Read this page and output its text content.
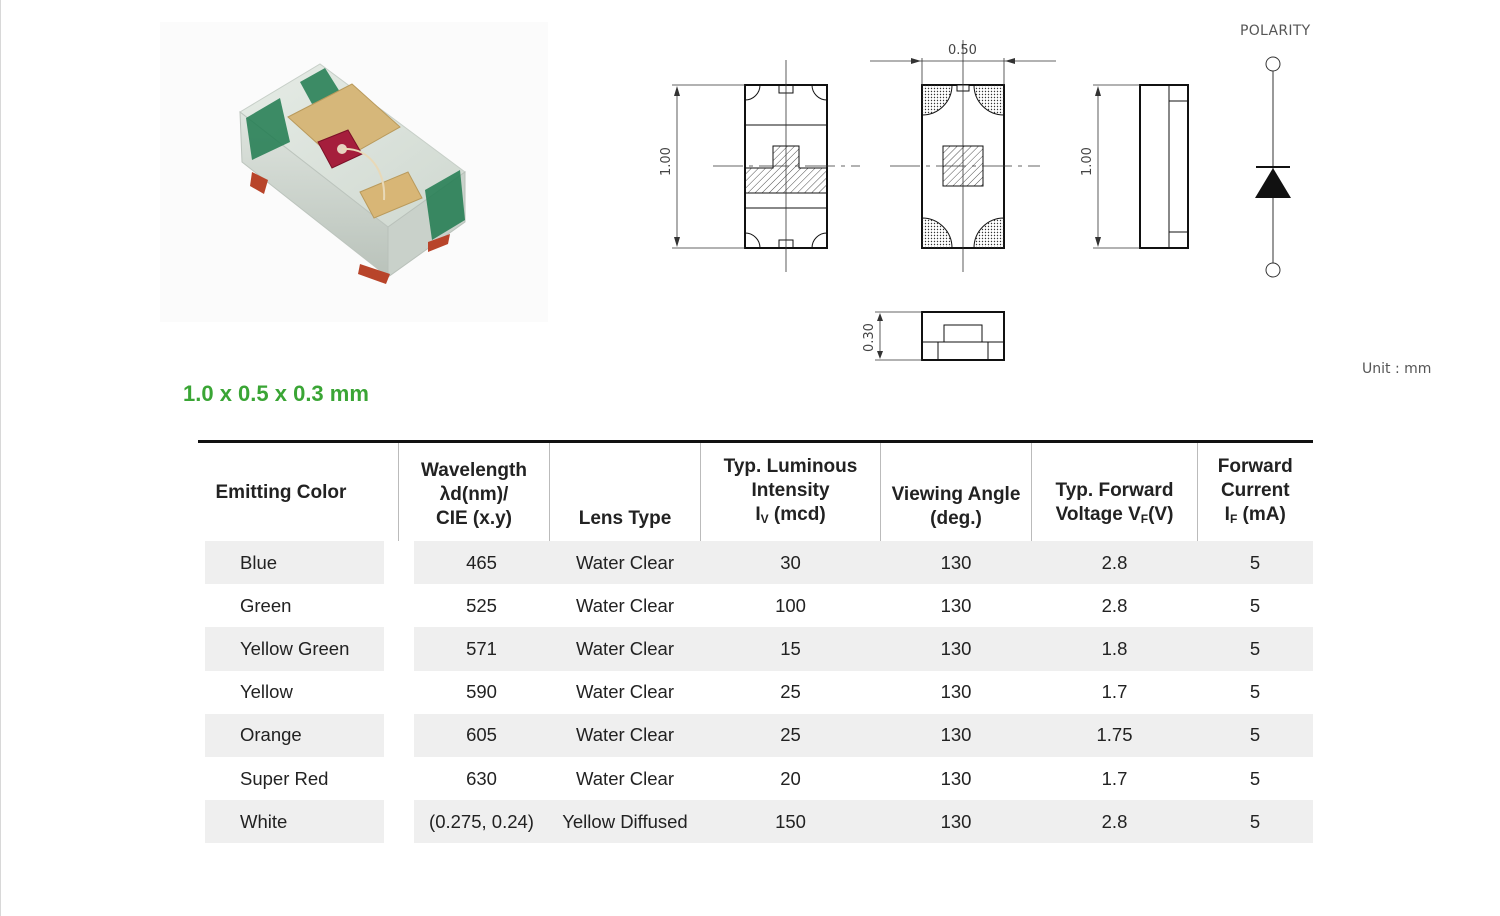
1.00
0.50
1.00
0.30
POLARITY
Unit : mm
1.0 x 0.5 x 0.3 mm
Emitting Color	Wavelength
λd(nm)/
CIE (x.y)	Lens Type	Typ. Luminous
Intensity
$I_V$ (mcd)	Viewing Angle
(deg.)	Typ. Forward
Voltage $V_F(V)$	Forward
Current
$I_F$ (mA)
Blue	465	Water Clear	30	130	2.8	5
Green	525	Water Clear	100	130	2.8	5
Yellow Green	571	Water Clear	15	130	1.8	5
Yellow	590	Water Clear	25	130	1.7	5
Orange	605	Water Clear	25	130	1.75	5
Super Red	630	Water Clear	20	130	1.7	5
White	(0.275, 0.24)	Yellow Diffused	150	130	2.8	5
